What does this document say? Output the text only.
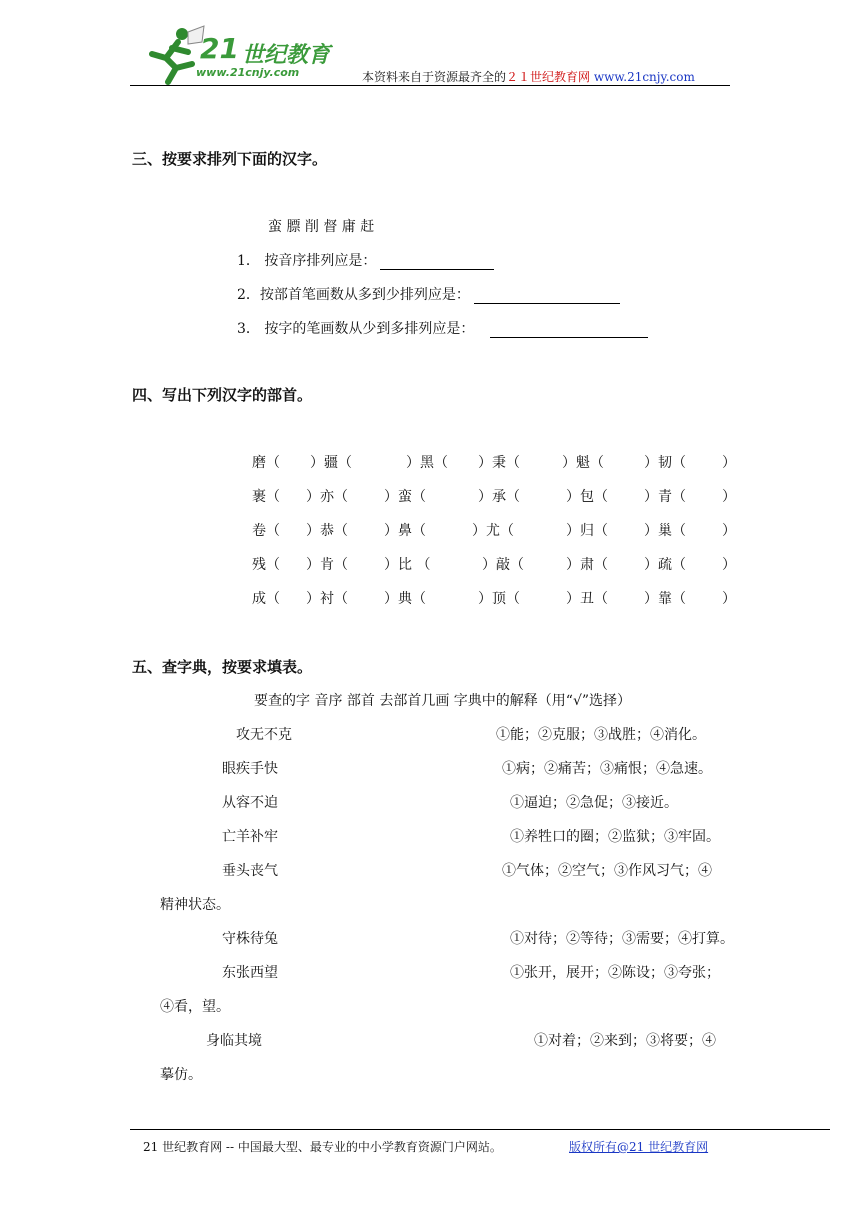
21 世纪教育
www.21cnjy.com	本资料来自于资源最齐全的２１世纪教育网 www.21cnjy.com
三、按要求排列下面的汉字。
蛮 膘 削 督 庸 赶
1． 按音序排列应是：
2．按部首笔画数从多到少排列应是：
3． 按字的笔画数从少到多排列应是：
四、写出下列汉字的部首。
磨（ ）疆（	）黑（ ）秉（	）魁（	）韧（	）
裹（ ）亦（	）蛮（	）承（	）包（	）青（	）
卷（ ）恭（	）鼻（	）尤（	）归（	）巢（	）
残（ ）肯（	）比 （	）敲（	）肃（	）疏（	）
成（ ）衬（	）典（	）顶（	）丑（	）靠（	）
五、查字典，按要求填表。
要查的字 音序 部首 去部首几画 字典中的解释（用“√”选择）
攻无不克	①能；②克服；③战胜；④消化。
眼疾手快	①病；②痛苦；③痛恨；④急速。
从容不迫	①逼迫；②急促；③接近。
亡羊补牢	①养牲口的圈；②监狱；③牢固。
垂头丧气	①气体；②空气；③作风习气；④
精神状态。
守株待兔	①对待；②等待；③需要；④打算。
东张西望	①张开，展开；②陈设；③夸张；
④看，望。
身临其境	①对着；②来到；③将要；④
摹仿。
21 世纪教育网 -- 中国最大型、最专业的中小学教育资源门户网站。	版权所有@21 世纪教育网
